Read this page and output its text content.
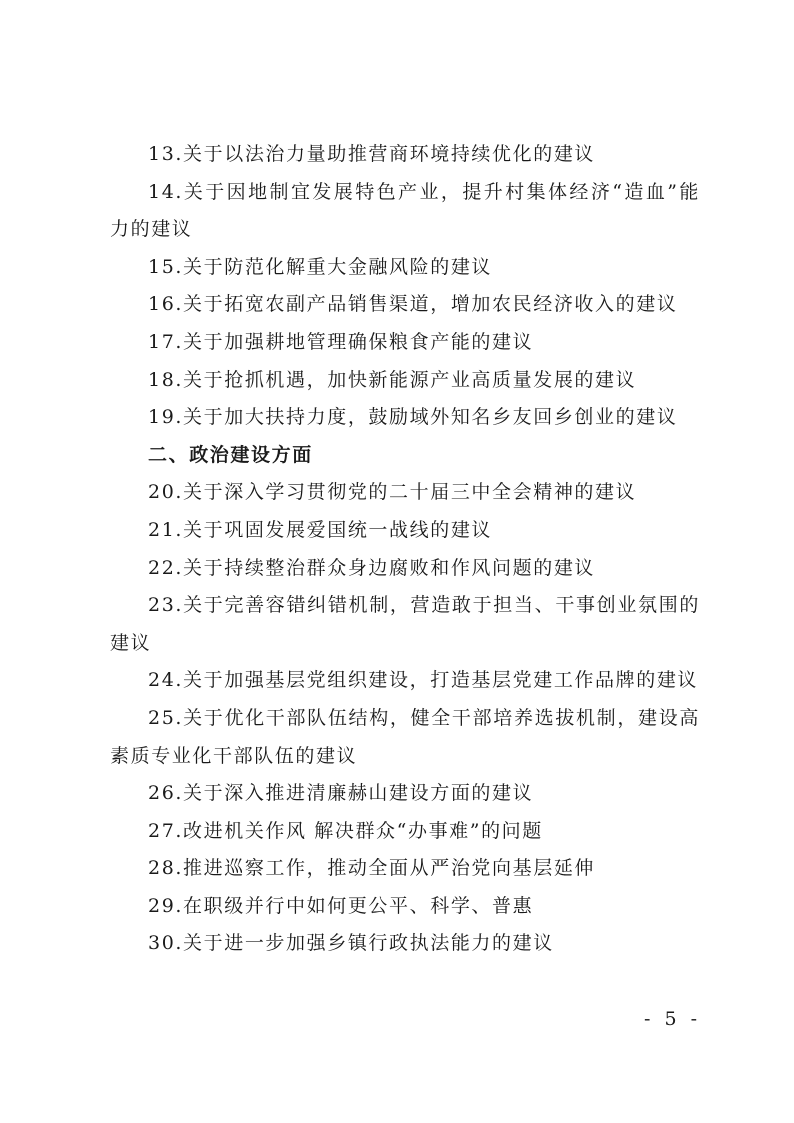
13.关于以法治力量助推营商环境持续优化的建议

14.关于因地制宜发展特色产业，提升村集体经济“造血”能力的建议

15.关于防范化解重大金融风险的建议

16.关于拓宽农副产品销售渠道，增加农民经济收入的建议

17.关于加强耕地管理确保粮食产能的建议

18.关于抢抓机遇，加快新能源产业高质量发展的建议

19.关于加大扶持力度，鼓励域外知名乡友回乡创业的建议

二、政治建设方面

20.关于深入学习贯彻党的二十届三中全会精神的建议

21.关于巩固发展爱国统一战线的建议

22.关于持续整治群众身边腐败和作风问题的建议

23.关于完善容错纠错机制，营造敢于担当、干事创业氛围的建议

24.关于加强基层党组织建设，打造基层党建工作品牌的建议

25.关于优化干部队伍结构，健全干部培养选拔机制，建设高素质专业化干部队伍的建议

26.关于深入推进清廉赫山建设方面的建议

27.改进机关作风 解决群众“办事难”的问题

28.推进巡察工作，推动全面从严治党向基层延伸

29.在职级并行中如何更公平、科学、普惠

30.关于进一步加强乡镇行政执法能力的建议

- 5 -
